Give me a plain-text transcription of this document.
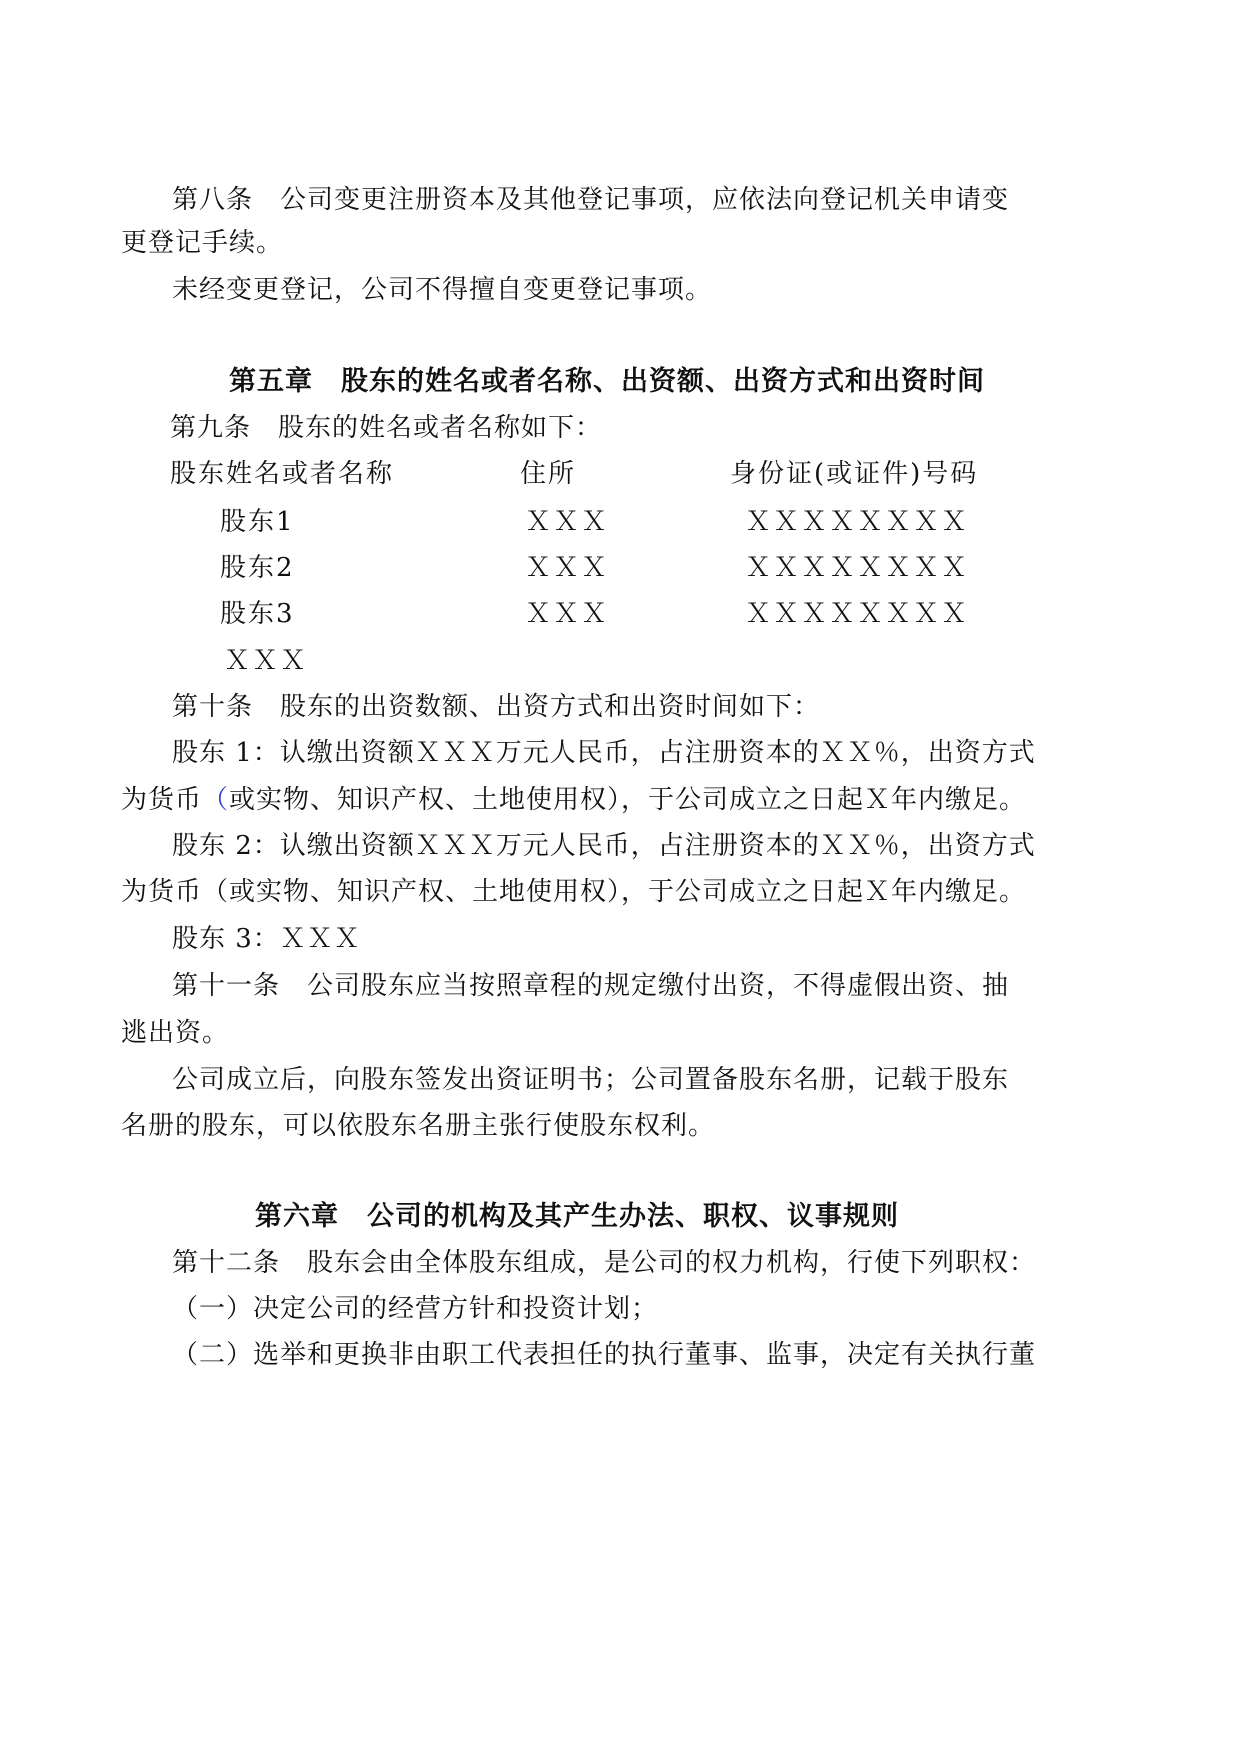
第八条　公司变更注册资本及其他登记事项，应依法向登记机关申请变
更登记手续。
未经变更登记，公司不得擅自变更登记事项。
第五章　股东的姓名或者名称、出资额、出资方式和出资时间
第九条　股东的姓名或者名称如下：
股东姓名或者名称	住所	身份证(或证件)号码
股东1	ＸＸＸ	ＸＸＸＸＸＸＸＸ
股东2	ＸＸＸ	ＸＸＸＸＸＸＸＸ
股东3	ＸＸＸ	ＸＸＸＸＸＸＸＸ
ＸＸＸ
第十条　股东的出资数额、出资方式和出资时间如下：
股东 1：认缴出资额ＸＸＸ万元人民币，占注册资本的ＸＸ％，出资方式
为货币（或实物、知识产权、土地使用权），于公司成立之日起Ｘ年内缴足。
股东 2：认缴出资额ＸＸＸ万元人民币，占注册资本的ＸＸ％，出资方式
为货币（或实物、知识产权、土地使用权），于公司成立之日起Ｘ年内缴足。
股东 3：ＸＸＸ
第十一条　公司股东应当按照章程的规定缴付出资，不得虚假出资、抽
逃出资。
公司成立后，向股东签发出资证明书；公司置备股东名册，记载于股东
名册的股东，可以依股东名册主张行使股东权利。
第六章　公司的机构及其产生办法、职权、议事规则
第十二条　股东会由全体股东组成，是公司的权力机构，行使下列职权：
（一）决定公司的经营方针和投资计划；
（二）选举和更换非由职工代表担任的执行董事、监事，决定有关执行董
